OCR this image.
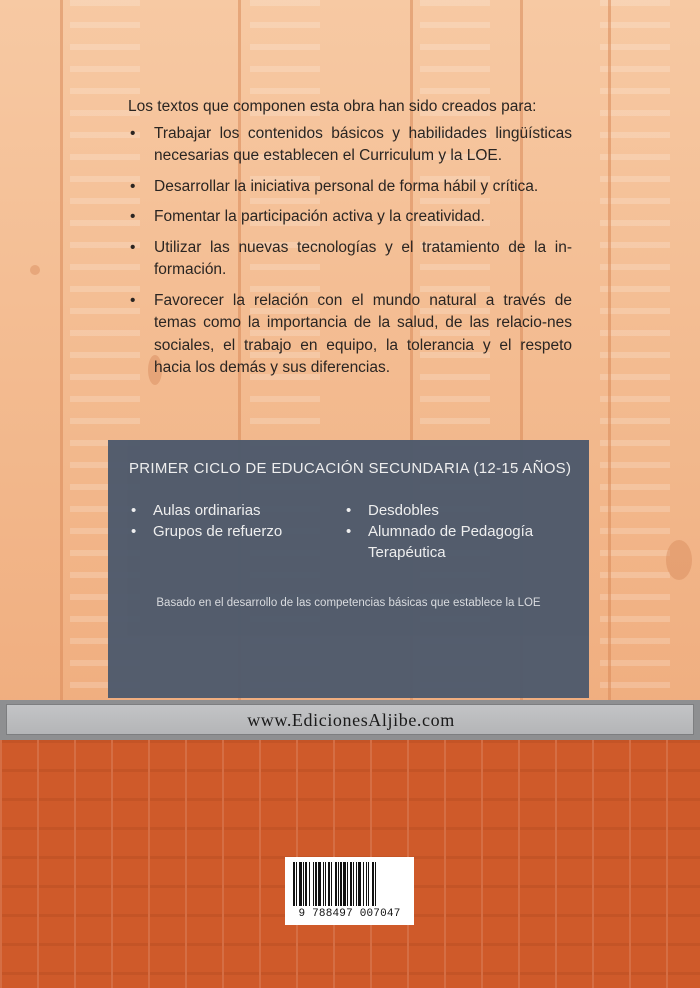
Los textos que componen esta obra han sido creados para:

• Trabajar los contenidos básicos y habilidades lingüísticas necesarias que establecen el Curriculum y la LOE.
• Desarrollar la iniciativa personal de forma hábil y crítica.
• Fomentar la participación activa y la creatividad.
• Utilizar las nuevas tecnologías y el tratamiento de la in-formación.
• Favorecer la relación con el mundo natural a través de temas como la importancia de la salud, de las relacio-nes sociales, el trabajo en equipo, la tolerancia y el respeto hacia los demás y sus diferencias.
PRIMER CICLO DE EDUCACIÓN SECUNDARIA (12-15 AÑOS)
• Aulas ordinarias
• Grupos de refuerzo
• Desdobles
• Alumnado de Pedagogía Terapéutica
Basado en el desarrollo de las competencias básicas que establece la LOE
www.EdicionesAljibe.com
9 788497 007047
